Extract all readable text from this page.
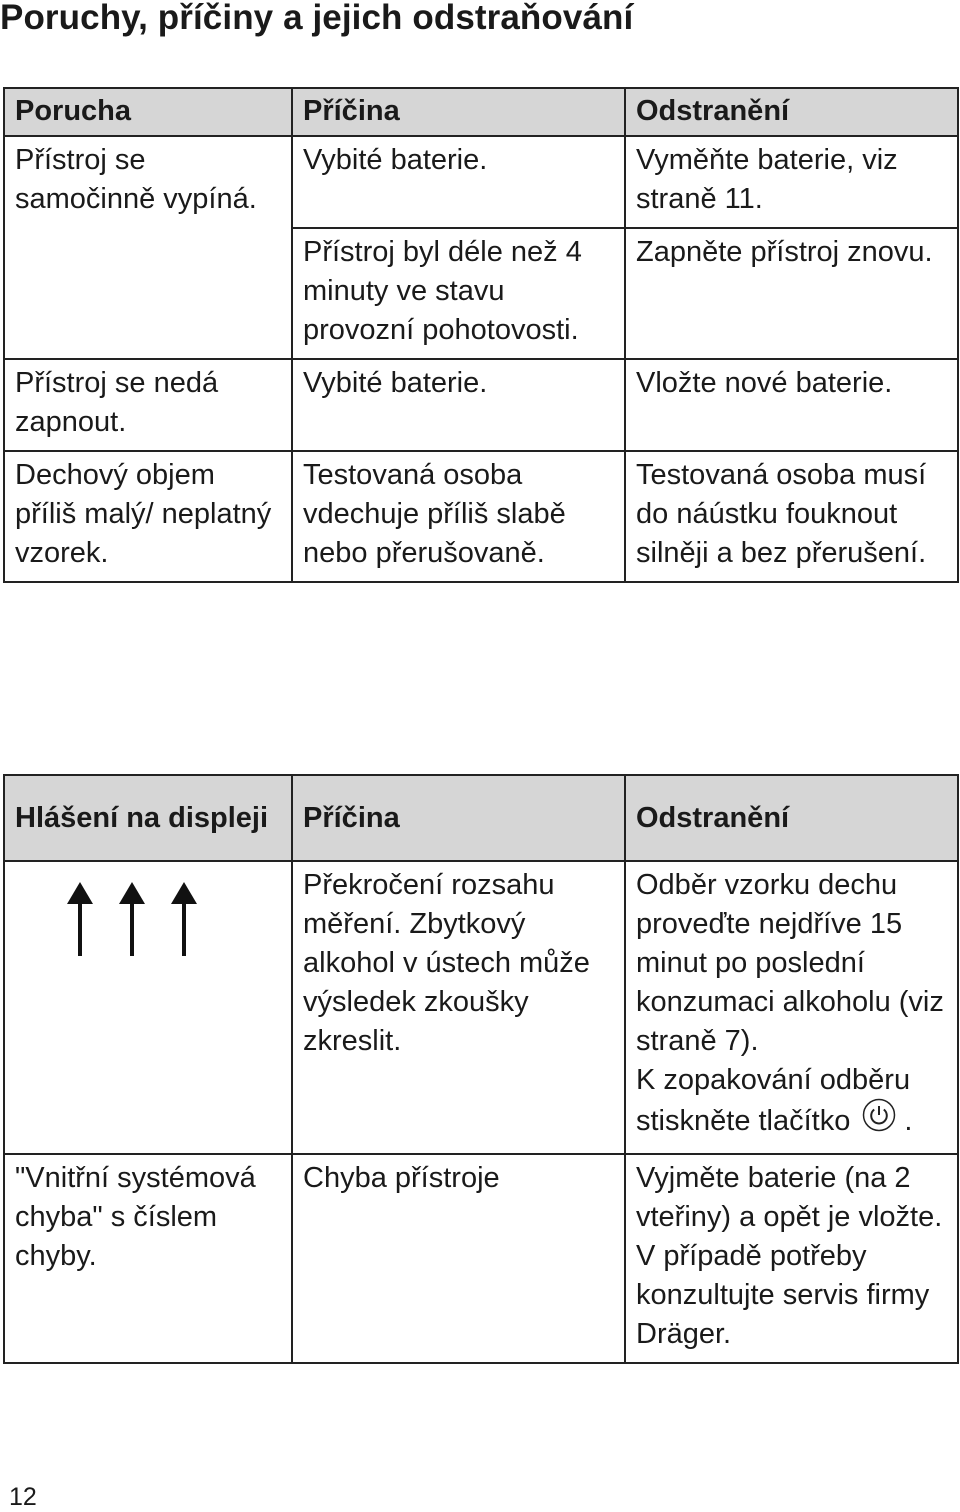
Poruchy, příčiny a jejich odstraňování
Porucha	Příčina	Odstranění
Přístroj se samočinně vypíná.	Vybité baterie.	Vyměňte baterie, viz straně 11.
	Přístroj byl déle než 4 minuty ve stavu provozní pohotovosti.	Zapněte přístroj znovu.
Přístroj se nedá zapnout.	Vybité baterie.	Vložte nové baterie.
Dechový objem příliš malý/ neplatný vzorek.	Testovaná osoba vdechuje příliš slabě nebo přerušovaně.	Testovaná osoba musí do náústku fouknout silněji a bez přerušení.
Hlášení na displeji	Příčina	Odstranění
	Překročení rozsahu měření. Zbytkový alkohol v ústech může výsledek zkoušky zkreslit.	Odběr vzorku dechu proveďte nejdříve 15 minut po poslední konzumaci alkoholu (viz straně 7).
K zopakování odběru stiskněte tlačítko .
"Vnitřní systémová chyba" s číslem chyby.	Chyba přístroje	Vyjměte baterie (na 2 vteřiny) a opět je vložte. V případě potřeby konzultujte servis firmy Dräger.
12
